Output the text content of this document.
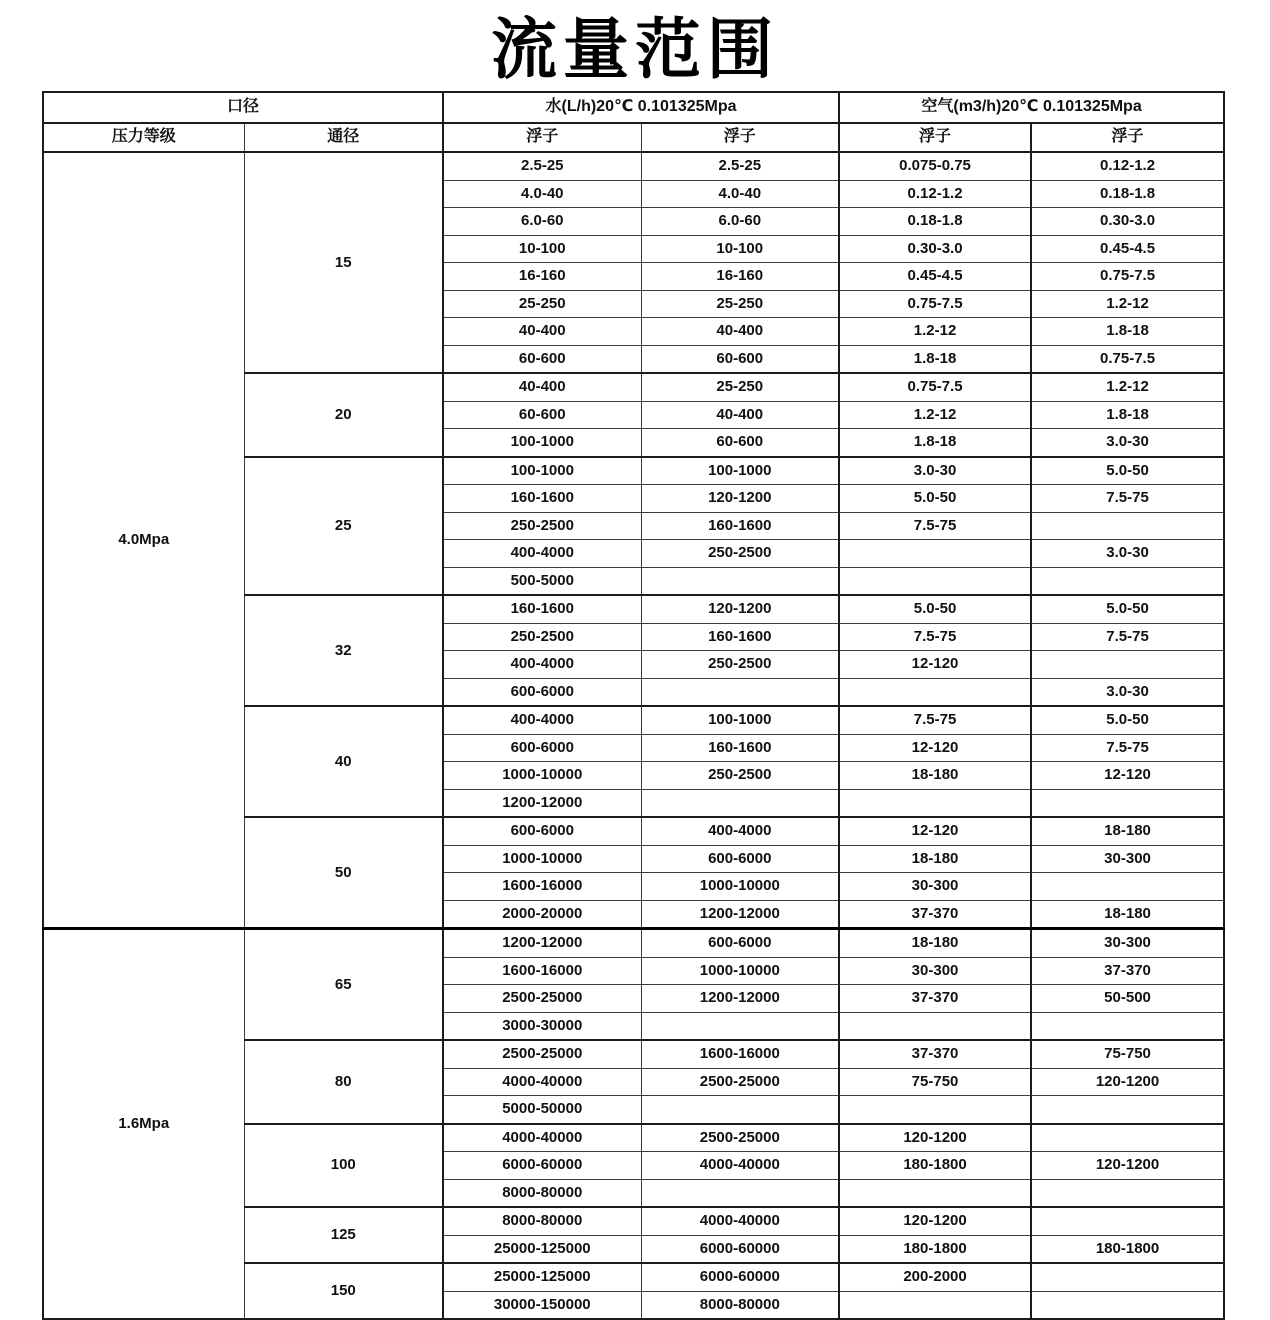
流量范围
口径		水(L/h)20℃ 0.101325Mpa		空气(m3/h)20℃ 0.101325Mpa	
压力等级	通径	浮子	浮子	浮子	浮子
4.0Mpa	15	2.5-25	2.5-25	0.075-0.75	0.12-1.2
		4.0-40	4.0-40	0.12-1.2	0.18-1.8
		6.0-60	6.0-60	0.18-1.8	0.30-3.0
		10-100	10-100	0.30-3.0	0.45-4.5
		16-160	16-160	0.45-4.5	0.75-7.5
		25-250	25-250	0.75-7.5	1.2-12
		40-400	40-400	1.2-12	1.8-18
		60-600	60-600	1.8-18	0.75-7.5
	20	40-400	25-250	0.75-7.5	1.2-12
		60-600	40-400	1.2-12	1.8-18
		100-1000	60-600	1.8-18	3.0-30
	25	100-1000	100-1000	3.0-30	5.0-50
		160-1600	120-1200	5.0-50	7.5-75
		250-2500	160-1600	7.5-75	
		400-4000	250-2500		3.0-30
		500-5000			
	32	160-1600	120-1200	5.0-50	5.0-50
		250-2500	160-1600	7.5-75	7.5-75
		400-4000	250-2500	12-120	
		600-6000			3.0-30
	40	400-4000	100-1000	7.5-75	5.0-50
		600-6000	160-1600	12-120	7.5-75
		1000-10000	250-2500	18-180	12-120
		1200-12000			
	50	600-6000	400-4000	12-120	18-180
		1000-10000	600-6000	18-180	30-300
		1600-16000	1000-10000	30-300	
		2000-20000	1200-12000	37-370	18-180
1.6Mpa	65	1200-12000	600-6000	18-180	30-300
		1600-16000	1000-10000	30-300	37-370
		2500-25000	1200-12000	37-370	50-500
		3000-30000			
	80	2500-25000	1600-16000	37-370	75-750
		4000-40000	2500-25000	75-750	120-1200
		5000-50000			
	100	4000-40000	2500-25000	120-1200	
		6000-60000	4000-40000	180-1800	120-1200
		8000-80000			
	125	8000-80000	4000-40000	120-1200	
		25000-125000	6000-60000	180-1800	180-1800
	150	25000-125000	6000-60000	200-2000	
		30000-150000	8000-80000		
